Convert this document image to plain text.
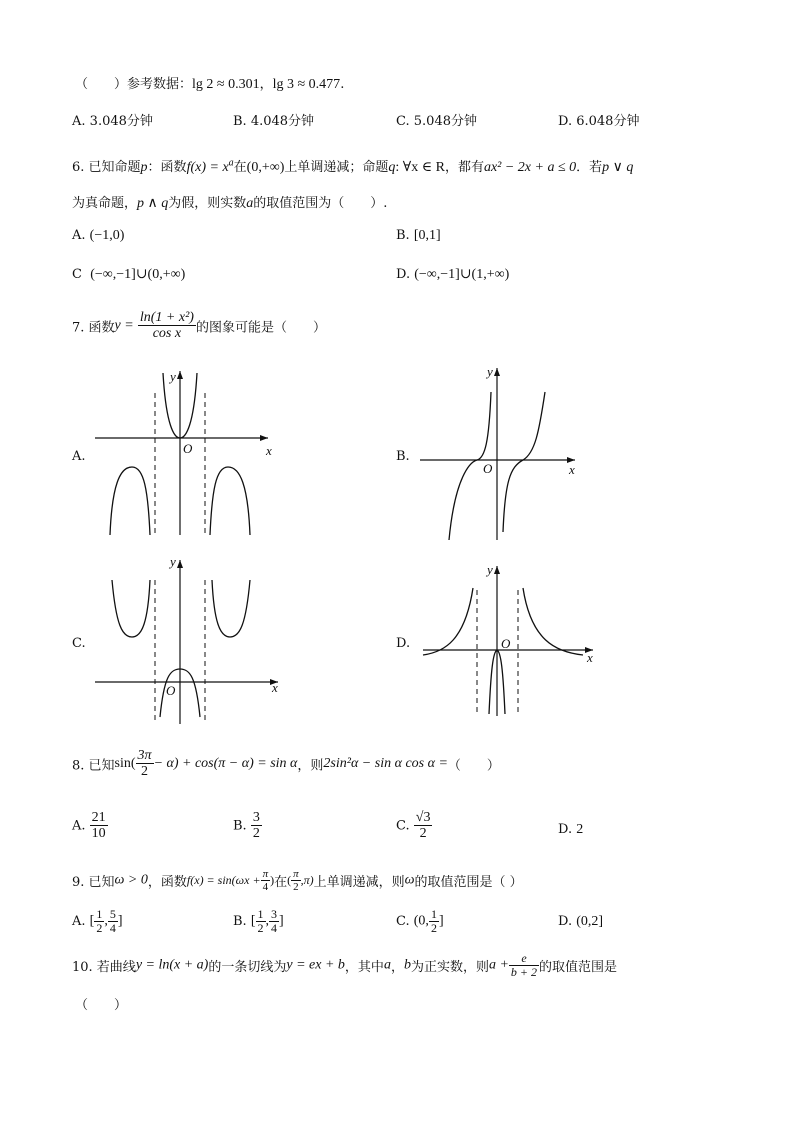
（　　）参考数据：lg 2 ≈ 0.301，lg 3 ≈ 0.477.
A. 3.048分钟	B. 4.048分钟	C. 5.048分钟	D. 6.048分钟
6. 已知命题p：函数$f(x) = x^a$在(0,+∞)上单调递减；命题q: ∀x ∈ R，都有ax² − 2x + a ≤ 0．若p ∨ q
为真命题，p ∧ q为假，则实数a的取值范围为（　　）.
A. (−1,0)	B. [0,1]
C (−∞,−1]∪(0,+∞)	D. (−∞,−1]∪(1,+∞)
7. 函数$y = \frac{\text{ln(1 + x²)}}{\text{cos x}}$ 的图象可能是（　　）
A.	x
y
O
B.
x
y
O
C.
x
y
O
D.
x
y
O
8. 已知$\sin( \frac{3\pi}{2} - \alpha) + \cos(\pi - \alpha) = \sin \alpha$，则2sin²α − sin α cos α =（　　）
A. $\frac{21}{10}$	B. $\frac{3}{2}$	C. $\frac{√3}{2}$	D. 2
9. 已知ω > 0，函数$f(x) = \sin(\omega x + \frac{\pi}{4}$ )在( $\frac{\pi}{2} ,\pi$)上单调递减，则ω的取值范围是（ ）
A. [ $\frac{1}{2}$ , $\frac{5}{4}$ ]	B. [ $\frac{1}{2}$ , $\frac{3}{4}$ ]	C. (0, $\frac{1}{2}$ ]	D. (0,2]
10. 若曲线y = ln(x + a)的一条切线为y = ex + b，其中a，b为正实数，则$a + \frac{e}{b + 2}$ 的取值范围是
（　　）
